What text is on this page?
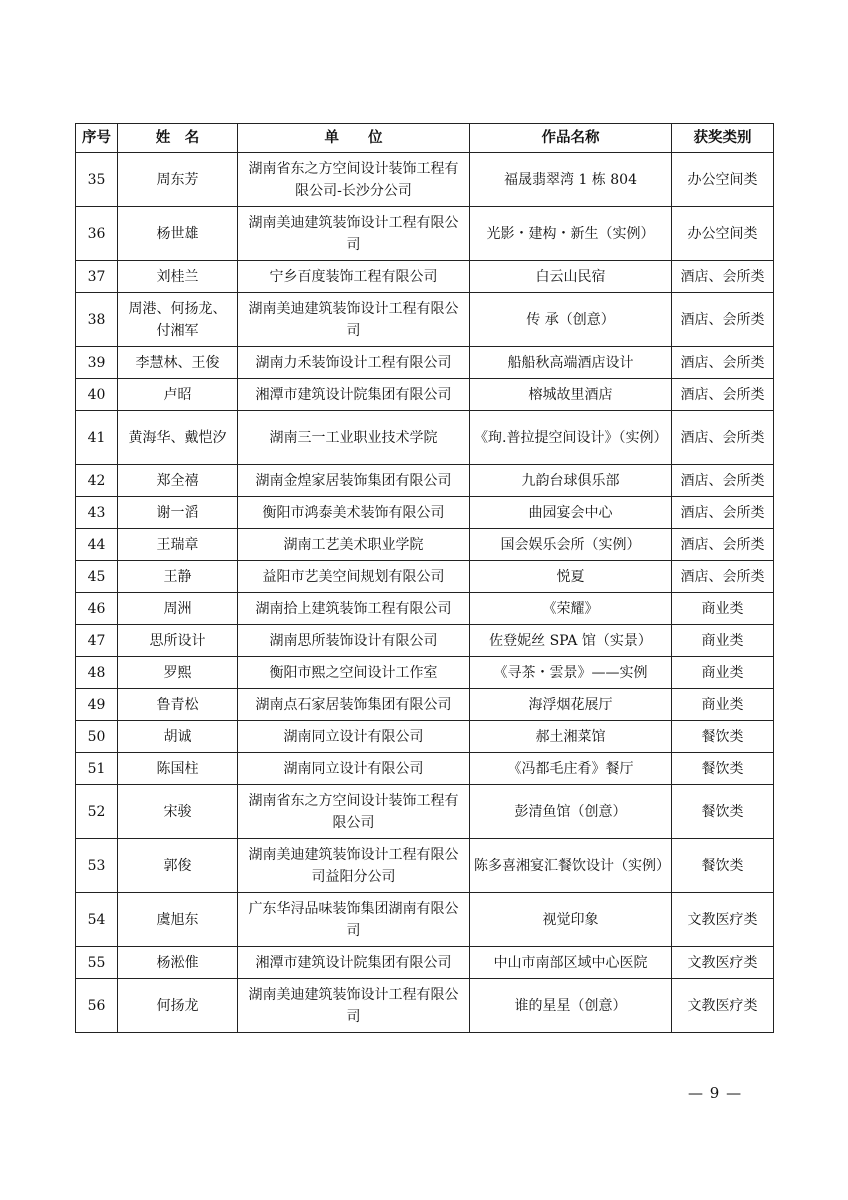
序号	姓　名	单　　位	作品名称	获奖类别
35	周东芳	湖南省东之方空间设计装饰工程有限公司-长沙分公司	福晟翡翠湾 1 栋 804	办公空间类
36	杨世雄	湖南美迪建筑装饰设计工程有限公司	光影・建构・新生（实例）	办公空间类
37	刘桂兰	宁乡百度装饰工程有限公司	白云山民宿	酒店、会所类
38	周港、何扬龙、付湘军	湖南美迪建筑装饰设计工程有限公司	传 承（创意）	酒店、会所类
39	李慧林、王俊	湖南力禾装饰设计工程有限公司	船船秋高端酒店设计	酒店、会所类
40	卢昭	湘潭市建筑设计院集团有限公司	榕城故里酒店	酒店、会所类
41	黄海华、戴恺汐	湖南三一工业职业技术学院	《珣.普拉提空间设计》（实例）	酒店、会所类
42	郑全禧	湖南金煌家居装饰集团有限公司	九韵台球俱乐部	酒店、会所类
43	谢一滔	衡阳市鸿泰美术装饰有限公司	曲园宴会中心	酒店、会所类
44	王瑞章	湖南工艺美术职业学院	国会娱乐会所（实例）	酒店、会所类
45	王静	益阳市艺美空间规划有限公司	悦夏	酒店、会所类
46	周洲	湖南拾上建筑装饰工程有限公司	《荣耀》	商业类
47	思所设计	湖南思所装饰设计有限公司	佐登妮丝 SPA 馆（实景）	商业类
48	罗熙	衡阳市熙之空间设计工作室	《寻茶・雲景》——实例	商业类
49	鲁青松	湖南点石家居装饰集团有限公司	海浮烟花展厅	商业类
50	胡诚	湖南同立设计有限公司	郝土湘菜馆	餐饮类
51	陈国柱	湖南同立设计有限公司	《冯都毛庄肴》餐厅	餐饮类
52	宋骏	湖南省东之方空间设计装饰工程有限公司	彭清鱼馆（创意）	餐饮类
53	郭俊	湖南美迪建筑装饰设计工程有限公司益阳分公司	陈多喜湘宴汇餐饮设计（实例）	餐饮类
54	虞旭东	广东华浔品味装饰集团湖南有限公司	视觉印象	文教医疗类
55	杨淞倠	湘潭市建筑设计院集团有限公司	中山市南部区域中心医院	文教医疗类
56	何扬龙	湖南美迪建筑装饰设计工程有限公司	谁的星星（创意）	文教医疗类
— 9 —
